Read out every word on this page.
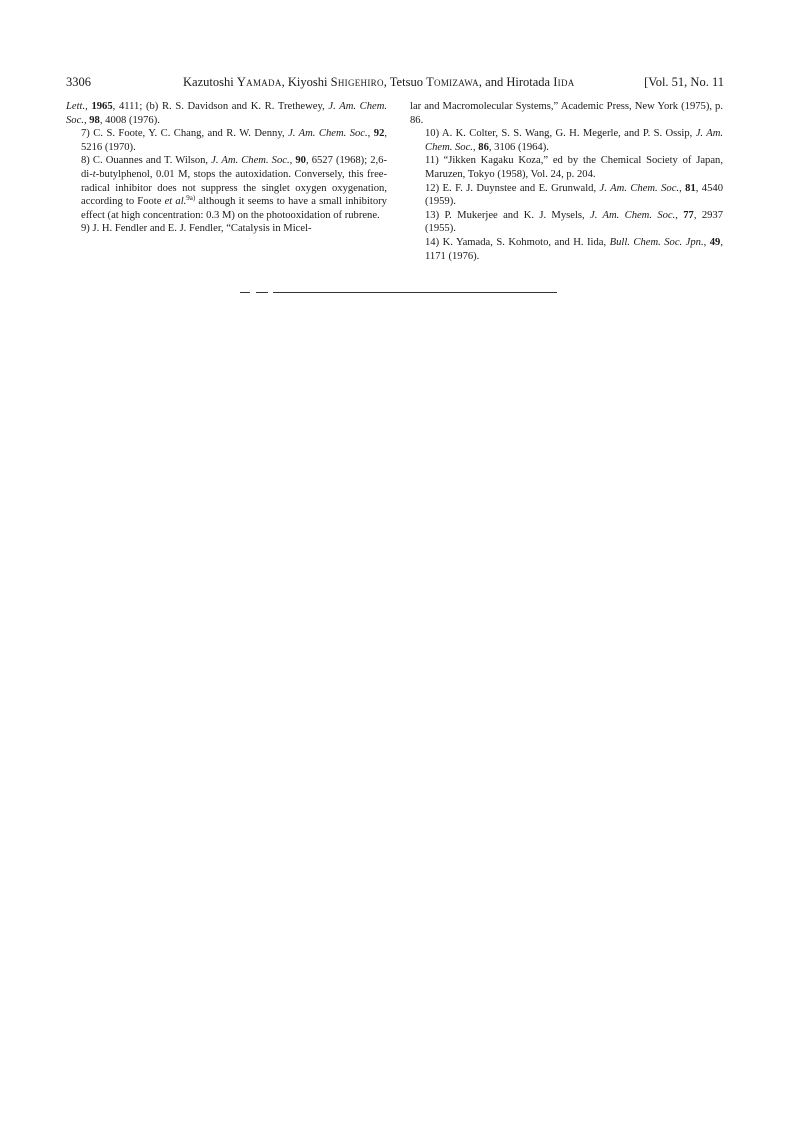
3306	Kazutoshi Yamada, Kiyoshi Shigehiro, Tetsuo Tomizawa, and Hirotada Iida	[Vol. 51, No. 11

Lett., 1965, 4111; (b) R. S. Davidson and K. R. Trethewey, J. Am. Chem. Soc., 98, 4008 (1976).

7) C. S. Foote, Y. C. Chang, and R. W. Denny, J. Am. Chem. Soc., 92, 5216 (1970).

8) C. Ouannes and T. Wilson, J. Am. Chem. Soc., 90, 6527 (1968); 2,6-di-t-butylphenol, 0.01 M, stops the autoxidation. Conversely, this free-radical inhibitor does not suppress the singlet oxygen oxygenation, according to Foote et al.$^{9a)}$ although it seems to have a small inhibitory effect (at high concentration: 0.3 M) on the photooxidation of rubrene.

9) J. H. Fendler and E. J. Fendler, “Catalysis in Micel-

lar and Macromolecular Systems,” Academic Press, New York (1975), p. 86.

10) A. K. Colter, S. S. Wang, G. H. Megerle, and P. S. Ossip, J. Am. Chem. Soc., 86, 3106 (1964).

11) “Jikken Kagaku Koza,” ed by the Chemical Society of Japan, Maruzen, Tokyo (1958), Vol. 24, p. 204.

12) E. F. J. Duynstee and E. Grunwald, J. Am. Chem. Soc., 81, 4540 (1959).

13) P. Mukerjee and K. J. Mysels, J. Am. Chem. Soc., 77, 2937 (1955).

14) K. Yamada, S. Kohmoto, and H. Iida, Bull. Chem. Soc. Jpn., 49, 1171 (1976).
